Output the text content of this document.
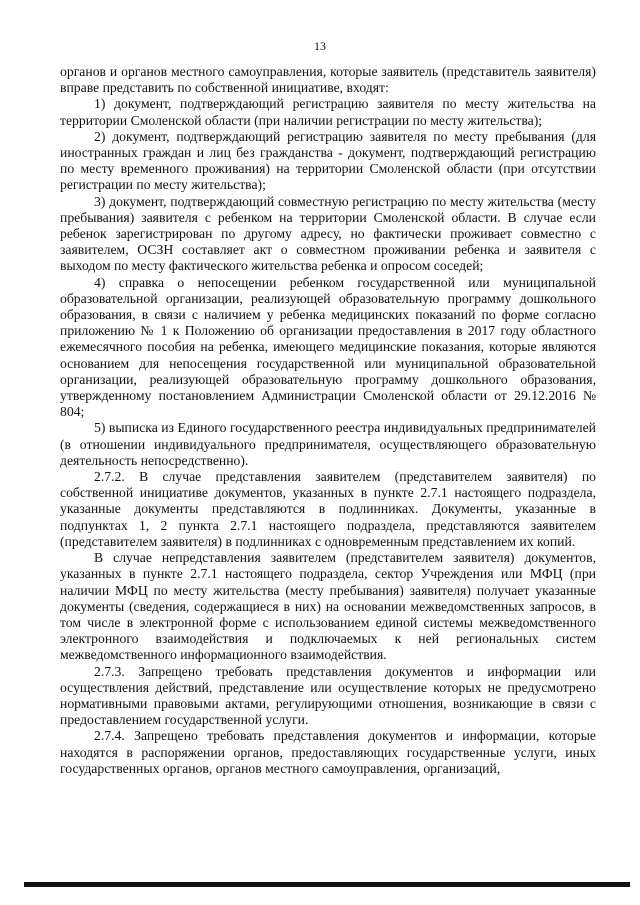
13

органов и органов местного самоуправления, которые заявитель (представитель заявителя) вправе представить по собственной инициативе, входят:

1) документ, подтверждающий регистрацию заявителя по месту жительства на территории Смоленской области (при наличии регистрации по месту жительства);

2) документ, подтверждающий регистрацию заявителя по месту пребывания (для иностранных граждан и лиц без гражданства - документ, подтверждающий регистрацию по месту временного проживания) на территории Смоленской области (при отсутствии регистрации по месту жительства);

3) документ, подтверждающий совместную регистрацию по месту жительства (месту пребывания) заявителя с ребенком на территории Смоленской области. В случае если ребенок зарегистрирован по другому адресу, но фактически проживает совместно с заявителем, ОСЗН составляет акт о совместном проживании ребенка и заявителя с выходом по месту фактического жительства ребенка и опросом соседей;

4) справка о непосещении ребенком государственной или муниципальной образовательной организации, реализующей образовательную программу дошкольного образования, в связи с наличием у ребенка медицинских показаний по форме согласно приложению № 1 к Положению об организации предоставления в 2017 году областного ежемесячного пособия на ребенка, имеющего медицинские показания, которые являются основанием для непосещения государственной или муниципальной образовательной организации, реализующей образовательную программу дошкольного образования, утвержденному постановлением Администрации Смоленской области от 29.12.2016 № 804;

5) выписка из Единого государственного реестра индивидуальных предпринимателей (в отношении индивидуального предпринимателя, осуществляющего образовательную деятельность непосредственно).

2.7.2. В случае представления заявителем (представителем заявителя) по собственной инициативе документов, указанных в пункте 2.7.1 настоящего подраздела, указанные документы представляются в подлинниках. Документы, указанные в подпунктах 1, 2 пункта 2.7.1 настоящего подраздела, представляются заявителем (представителем заявителя) в подлинниках с одновременным представлением их копий.

В случае непредставления заявителем (представителем заявителя) документов, указанных в пункте 2.7.1 настоящего подраздела, сектор Учреждения или МФЦ (при наличии МФЦ по месту жительства (месту пребывания) заявителя) получает указанные документы (сведения, содержащиеся в них) на основании межведомственных запросов, в том числе в электронной форме с использованием единой системы межведомственного электронного взаимодействия и подключаемых к ней региональных систем межведомственного информационного взаимодействия.

2.7.3. Запрещено требовать представления документов и информации или осуществления действий, представление или осуществление которых не предусмотрено нормативными правовыми актами, регулирующими отношения, возникающие в связи с предоставлением государственной услуги.

2.7.4. Запрещено требовать представления документов и информации, которые находятся в распоряжении органов, предоставляющих государственные услуги, иных государственных органов, органов местного самоуправления, организаций,
